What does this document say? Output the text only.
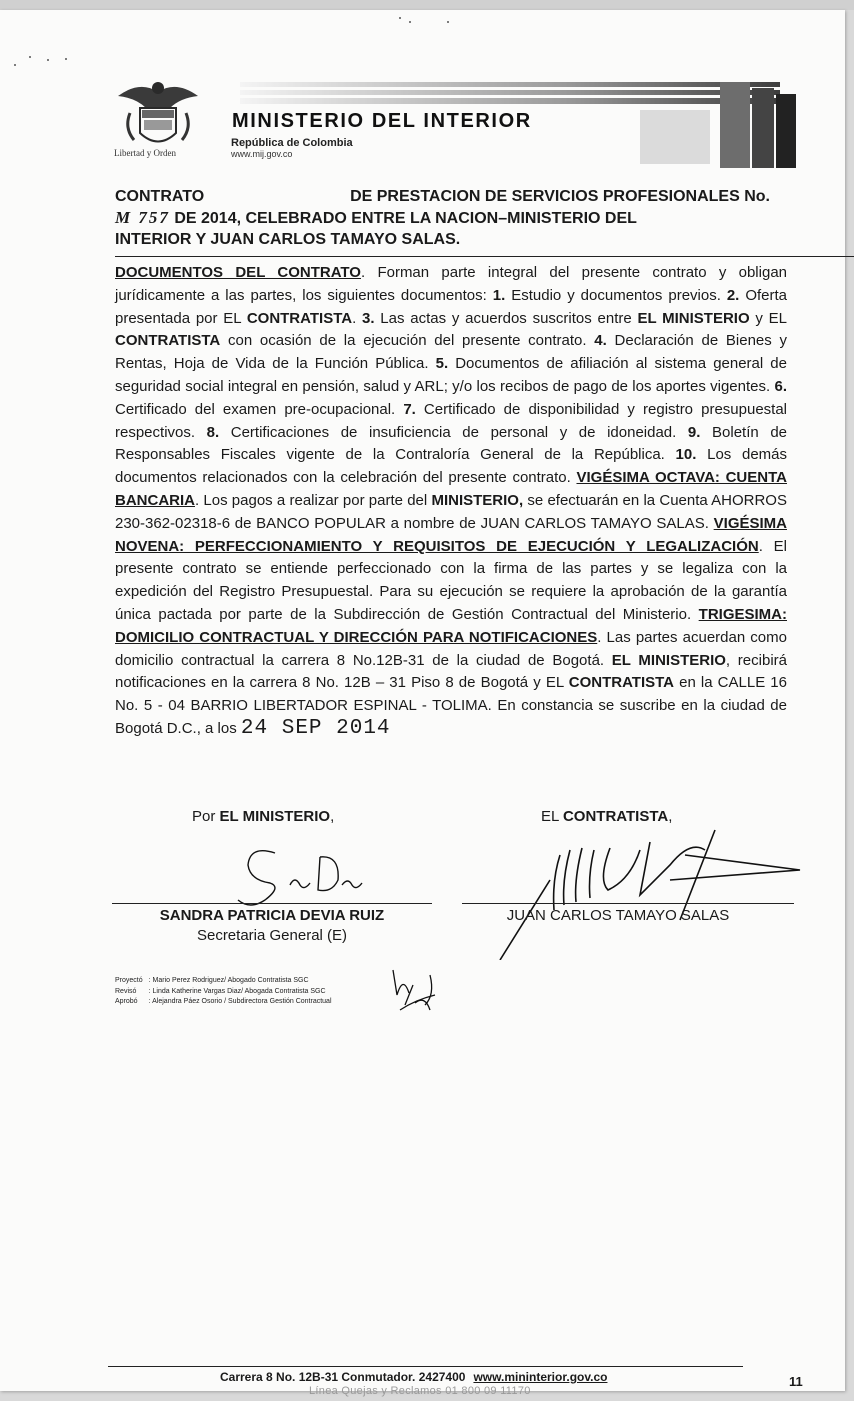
Libertad y Orden
MINISTERIO DEL INTERIOR
República de Colombia
www.mij.gov.co
CONTRATO	DE PRESTACION DE SERVICIOS PROFESIONALES No.
M 757 DE 2014, CELEBRADO ENTRE LA NACION–MINISTERIO DEL
INTERIOR Y JUAN CARLOS TAMAYO SALAS.
DOCUMENTOS DEL CONTRATO. Forman parte integral del presente contrato y obligan jurídicamente a las partes, los siguientes documentos: 1. Estudio y documentos previos. 2. Oferta presentada por EL CONTRATISTA. 3. Las actas y acuerdos suscritos entre EL MINISTERIO y EL CONTRATISTA con ocasión de la ejecución del presente contrato. 4. Declaración de Bienes y Rentas, Hoja de Vida de la Función Pública. 5. Documentos de afiliación al sistema general de seguridad social integral en pensión, salud y ARL; y/o los recibos de pago de los aportes vigentes. 6. Certificado del examen pre-ocupacional. 7. Certificado de disponibilidad y registro presupuestal respectivos. 8. Certificaciones de insuficiencia de personal y de idoneidad. 9. Boletín de Responsables Fiscales vigente de la Contraloría General de la República. 10. Los demás documentos relacionados con la celebración del presente contrato. VIGÉSIMA OCTAVA: CUENTA BANCARIA. Los pagos a realizar por parte del MINISTERIO, se efectuarán en la Cuenta AHORROS 230-362-02318-6 de BANCO POPULAR a nombre de JUAN CARLOS TAMAYO SALAS. VIGÉSIMA NOVENA: PERFECCIONAMIENTO Y REQUISITOS DE EJECUCIÓN Y LEGALIZACIÓN. El presente contrato se entiende perfeccionado con la firma de las partes y se legaliza con la expedición del Registro Presupuestal. Para su ejecución se requiere la aprobación de la garantía única pactada por parte de la Subdirección de Gestión Contractual del Ministerio. TRIGESIMA: DOMICILIO CONTRACTUAL Y DIRECCIÓN PARA NOTIFICACIONES. Las partes acuerdan como domicilio contractual la carrera 8 No.12B-31 de la ciudad de Bogotá. EL MINISTERIO, recibirá notificaciones en la carrera 8 No. 12B – 31 Piso 8 de Bogotá y EL CONTRATISTA en la CALLE 16 No. 5 - 04 BARRIO LIBERTADOR ESPINAL - TOLIMA. En constancia se suscribe en la ciudad de Bogotá D.C., a los 24 SEP 2014
Por EL MINISTERIO,	EL CONTRATISTA,
SANDRA PATRICIA DEVIA RUIZ
Secretaria General (E)
JUAN CARLOS TAMAYO SALAS
Proyectó	: Mario Perez Rodriguez/ Abogado Contratista SGC
Revisó	: Linda Katherine Vargas Diaz/ Abogada Contratista SGC
Aprobó	: Alejandra Páez Osorio / Subdirectora Gestión Contractual
Carrera 8 No. 12B-31 Conmutador. 2427400 www.mininterior.gov.co
Línea Quejas y Reclamos 01 800 09 11170
11
